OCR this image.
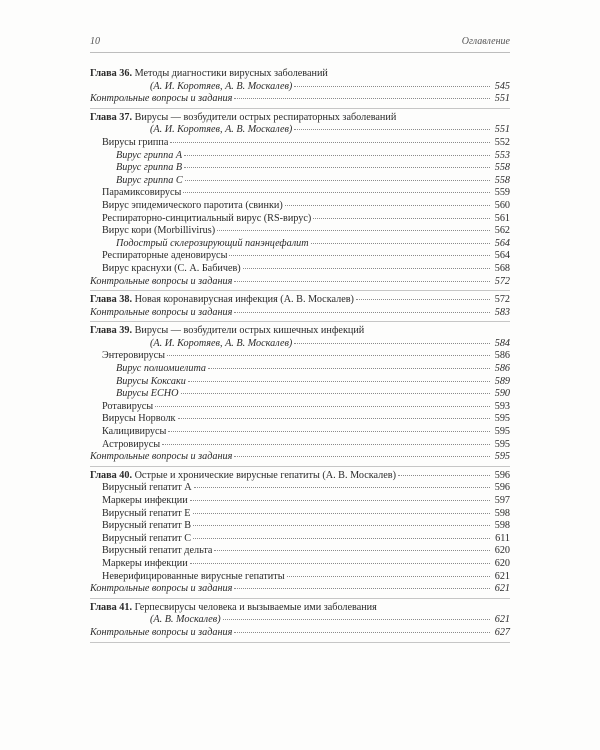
10	Оглавление
Глава 36. Методы диагностики вирусных заболеваний
(А. И. Коротяев, А. В. Москалев)	545
Контрольные вопросы и задания	551
Глава 37. Вирусы — возбудители острых респираторных заболеваний
(А. И. Коротяев, А. В. Москалев)	551
Вирусы гриппа	552
Вирус гриппа А	553
Вирус гриппа В	558
Вирус гриппа С	558
Парамиксовирусы	559
Вирус эпидемического паротита (свинки)	560
Респираторно-синцитиальный вирус (RS-вирус)	561
Вирус кори (Morbillivirus)	562
Подострый склерозирующий панэнцефалит	564
Респираторные аденовирусы	564
Вирус краснухи (С. А. Бабичев)	568
Контрольные вопросы и задания	572
Глава 38. Новая коронавирусная инфекция (А. В. Москалев)	572
Контрольные вопросы и задания	583
Глава 39. Вирусы — возбудители острых кишечных инфекций
(А. И. Коротяев, А. В. Москалев)	584
Энтеровирусы	586
Вирус полиомиелита	586
Вирусы Коксаки	589
Вирусы ECHO	590
Ротавирусы	593
Вирусы Норволк	595
Калицивирусы	595
Астровирусы	595
Контрольные вопросы и задания	595
Глава 40. Острые и хронические вирусные гепатиты (А. В. Москалев)	596
Вирусный гепатит А	596
Маркеры инфекции	597
Вирусный гепатит Е	598
Вирусный гепатит В	598
Вирусный гепатит С	611
Вирусный гепатит дельта	620
Маркеры инфекции	620
Неверифицированные вирусные гепатиты	621
Контрольные вопросы и задания	621
Глава 41. Герпесвирусы человека и вызываемые ими заболевания
(А. В. Москалев)	621
Контрольные вопросы и задания	627
